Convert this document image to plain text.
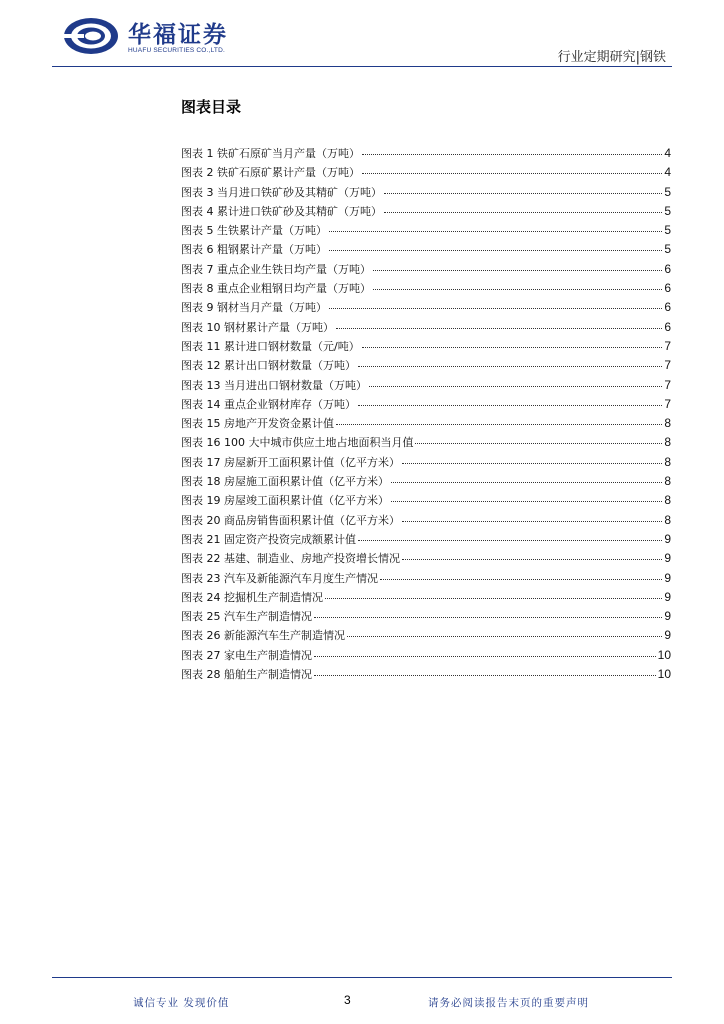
华福证券
HUAFU SECURITIES CO.,LTD.	行业定期研究|钢铁
图表目录
图表 1 铁矿石原矿当月产量（万吨）	4
图表 2 铁矿石原矿累计产量（万吨）	4
图表 3 当月进口铁矿砂及其精矿（万吨）	5
图表 4 累计进口铁矿砂及其精矿（万吨）	5
图表 5 生铁累计产量（万吨）	5
图表 6 粗钢累计产量（万吨）	5
图表 7 重点企业生铁日均产量（万吨）	6
图表 8 重点企业粗钢日均产量（万吨）	6
图表 9 钢材当月产量（万吨）	6
图表 10 钢材累计产量（万吨）	6
图表 11 累计进口钢材数量（元/吨）	7
图表 12 累计出口钢材数量（万吨）	7
图表 13 当月进出口钢材数量（万吨）	7
图表 14 重点企业钢材库存（万吨）	7
图表 15 房地产开发资金累计值	8
图表 16 100 大中城市供应土地占地面积当月值	8
图表 17 房屋新开工面积累计值（亿平方米）	8
图表 18 房屋施工面积累计值（亿平方米）	8
图表 19 房屋竣工面积累计值（亿平方米）	8
图表 20 商品房销售面积累计值（亿平方米）	8
图表 21 固定资产投资完成额累计值	9
图表 22 基建、制造业、房地产投资增长情况	9
图表 23 汽车及新能源汽车月度生产情况	9
图表 24 挖掘机生产制造情况	9
图表 25 汽车生产制造情况	9
图表 26 新能源汽车生产制造情况	9
图表 27 家电生产制造情况	10
图表 28 船舶生产制造情况	10
诚信专业 发现价值	3	请务必阅读报告末页的重要声明
